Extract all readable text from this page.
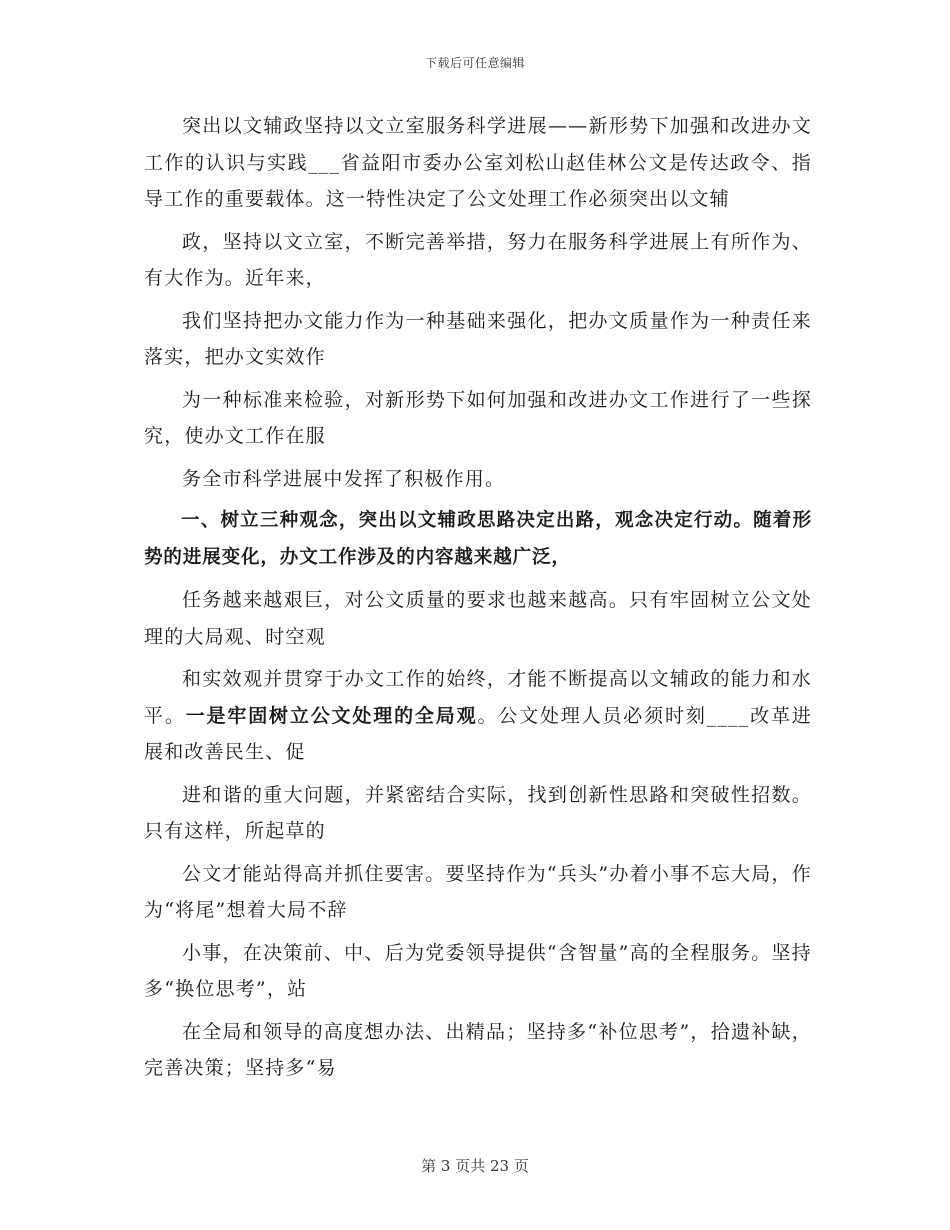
下载后可任意编辑

突出以文辅政坚持以文立室服务科学进展——新形势下加强和改进办文工作的认识与实践___省益阳市委办公室刘松山赵佳林公文是传达政令、指导工作的重要载体。这一特性决定了公文处理工作必须突出以文辅

政，坚持以文立室，不断完善举措，努力在服务科学进展上有所作为、有大作为。近年来，

我们坚持把办文能力作为一种基础来强化，把办文质量作为一种责任来落实，把办文实效作

为一种标准来检验，对新形势下如何加强和改进办文工作进行了一些探究，使办文工作在服

务全市科学进展中发挥了积极作用。

一、树立三种观念，突出以文辅政思路决定出路，观念决定行动。随着形势的进展变化，办文工作涉及的内容越来越广泛，

任务越来越艰巨，对公文质量的要求也越来越高。只有牢固树立公文处理的大局观、时空观

和实效观并贯穿于办文工作的始终，才能不断提高以文辅政的能力和水平。一是牢固树立公文处理的全局观。公文处理人员必须时刻____改革进展和改善民生、促

进和谐的重大问题，并紧密结合实际，找到创新性思路和突破性招数。只有这样，所起草的

公文才能站得高并抓住要害。要坚持作为“兵头”办着小事不忘大局，作为“将尾”想着大局不辞

小事，在决策前、中、后为党委领导提供“含智量”高的全程服务。坚持多“换位思考”，站

在全局和领导的高度想办法、出精品；坚持多“补位思考”，拾遗补缺，完善决策；坚持多“易

第 3 页共 23 页
